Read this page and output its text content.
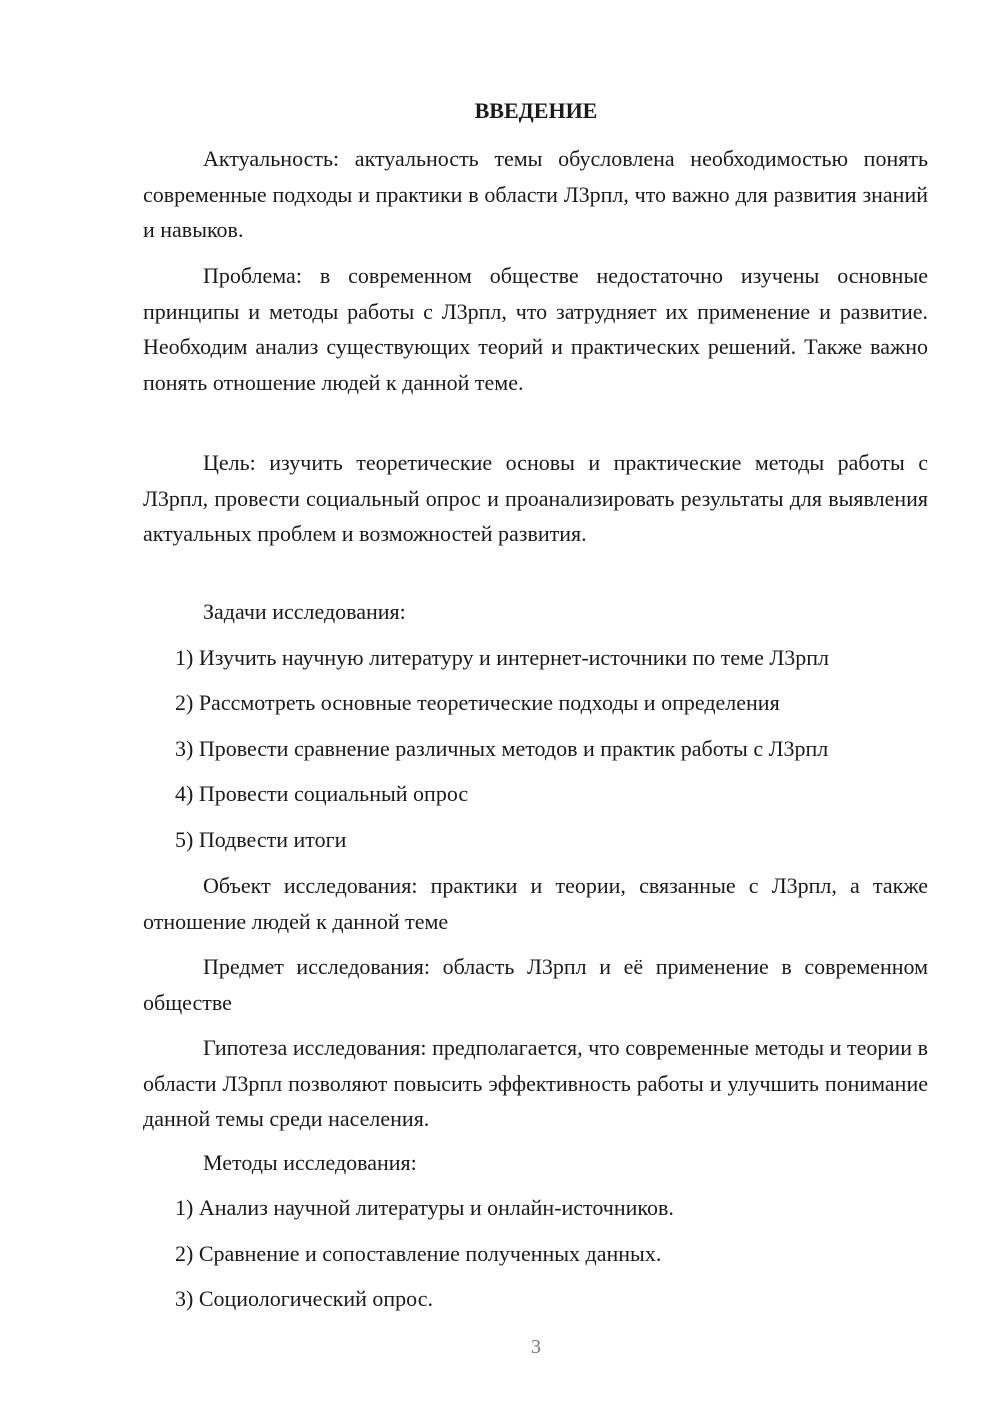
ВВЕДЕНИЕ
Актуальность: актуальность темы обусловлена необходимостью понять современные подходы и практики в области Л3рпл, что важно для развития знаний и навыков.
Проблема: в современном обществе недостаточно изучены основные принципы и методы работы с Л3рпл, что затрудняет их применение и развитие. Необходим анализ существующих теорий и практических решений. Также важно понять отношение людей к данной теме.
Цель: изучить теоретические основы и практические методы работы с Л3рпл, провести социальный опрос и проанализировать результаты для выявления актуальных проблем и возможностей развития.
Задачи исследования:
1) Изучить научную литературу и интернет-источники по теме Л3рпл
2) Рассмотреть основные теоретические подходы и определения
3) Провести сравнение различных методов и практик работы с Л3рпл
4) Провести социальный опрос
5) Подвести итоги
Объект исследования: практики и теории, связанные с Л3рпл, а также отношение людей к данной теме
Предмет исследования: область Л3рпл и её применение в современном обществе
Гипотеза исследования: предполагается, что современные методы и теории в области Л3рпл позволяют повысить эффективность работы и улучшить понимание данной темы среди населения.
Методы исследования:
1) Анализ научной литературы и онлайн-источников.
2) Сравнение и сопоставление полученных данных.
3) Социологический опрос.
3
